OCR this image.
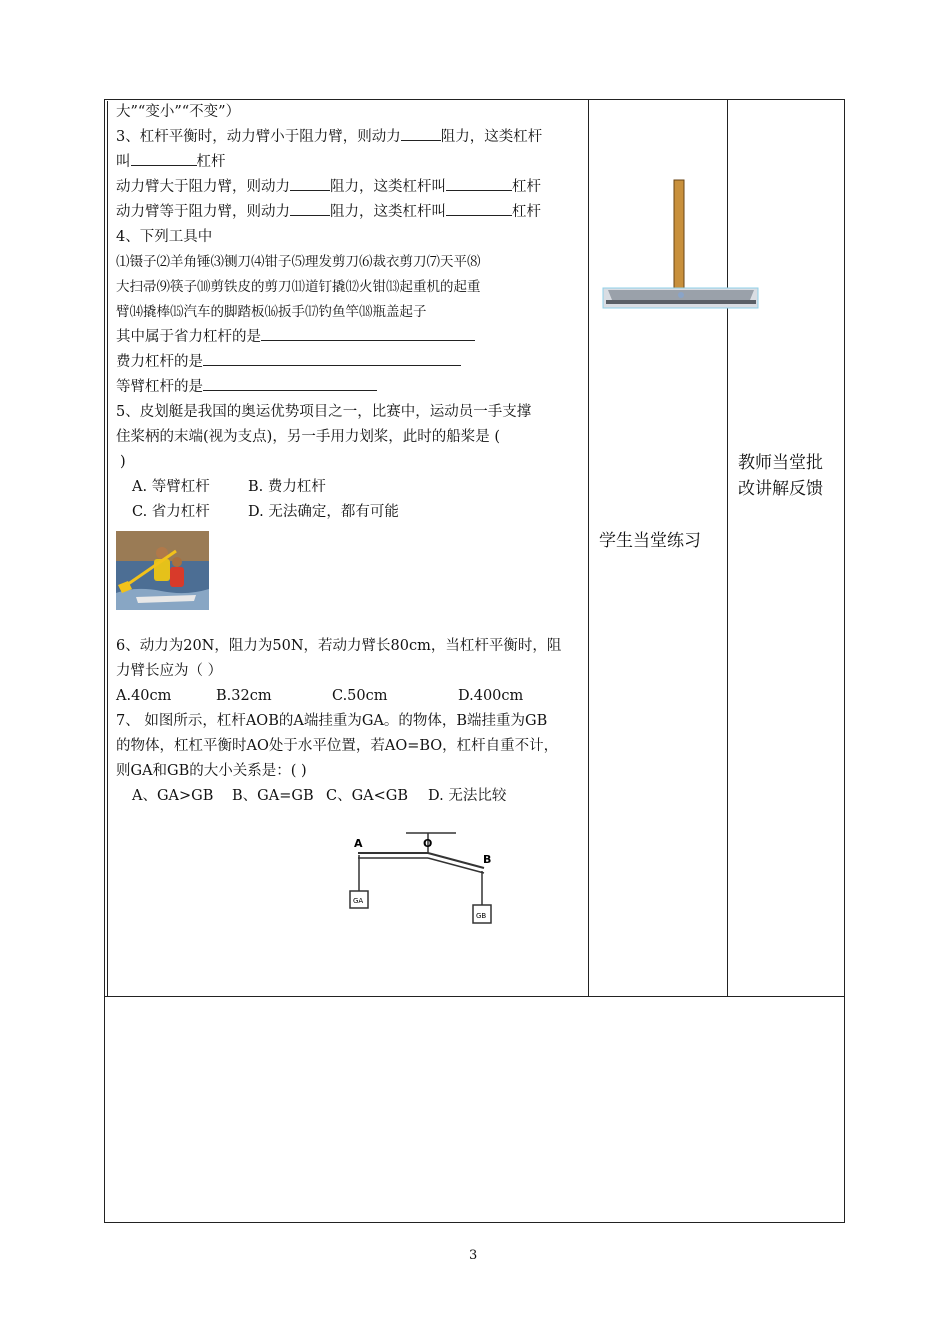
大”“变小”“不变”）
3、杠杆平衡时，动力臂小于阻力臂，则动力	阻力，这类杠杆
叫	杠杆
动力臂大于阻力臂，则动力	阻力，这类杠杆叫	杠杆
动力臂等于阻力臂，则动力	阻力，这类杠杆叫	杠杆
4、下列工具中
⑴镊子⑵羊角锤⑶铡刀⑷钳子⑸理发剪刀⑹裁衣剪刀⑺天平⑻
大扫帚⑼筷子⑽剪铁皮的剪刀⑾道钉撬⑿火钳⒀起重机的起重
臂⒁撬棒⒂汽车的脚踏板⒃扳手⒄钓鱼竿⒅瓶盖起子
其中属于省力杠杆的是
费力杠杆的是
等臂杠杆的是
5、皮划艇是我国的奥运优势项目之一，比赛中，运动员一手支撑
住桨柄的末端(视为支点)，另一手用力划桨，此时的船桨是 (
)
A. 等臂杠杆	B. 费力杠杆
C. 省力杠杆	D. 无法确定，都有可能
6、动力为20N，阻力为50N，若动力臂长80cm，当杠杆平衡时，阻
力臂长应为（ ）
A.40cm	B.32cm	C.50cm	D.400cm
7、 如图所示，杠杆AOB的A端挂重为GA。的物体，B端挂重为GB
的物体，杠杠平衡时AO处于水平位置，若AO=BO，杠杆自重不计，
则GA和GB的大小关系是：( )
A、GA>GB B、GA=GB C、GA<GB D. 无法比较
A	O
B
GA
GB
学生当堂练习
教师当堂批改讲解反馈
3
